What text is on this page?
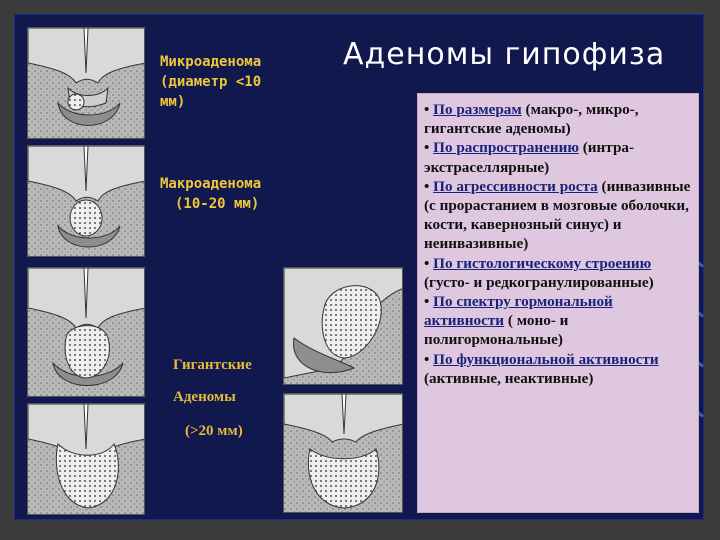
Аденомы гипофиза
Микроаденома
(диаметр <10
мм)
Макроаденома
(10-20 мм)
Гигантские
Аденомы
(>20 мм)

• По размерам (макро-, микро-, гигантские аденомы)

• По распространению (интра-экстраселлярные)

• По агрессивности роста (инвазивные (с прорастанием в мозговые оболочки, кости, кавернозный синус) и неинвазивные)

• По гистологическому строению (густо- и редкогранулированные)

• По спектру гормональной активности ( моно- и полигормональные)

• По функциональной активности (активные, неактивные)
